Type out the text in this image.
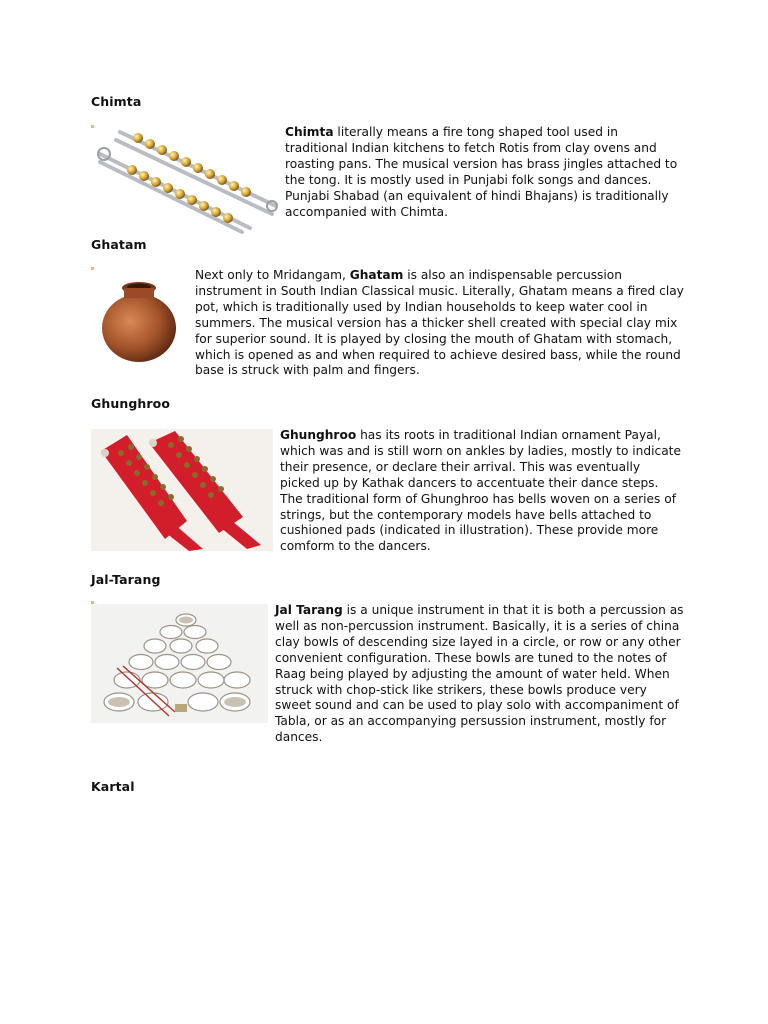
Chimta

Chimta literally means a fire tong shaped tool used in traditional Indian kitchens to fetch Rotis from clay ovens and roasting pans. The musical version has brass jingles attached to the tong. It is mostly used in Punjabi folk songs and dances. Punjabi Shabad (an equivalent of hindi Bhajans) is traditionally accompanied with Chimta.

Ghatam

Next only to Mridangam, Ghatam is also an indispensable percussion instrument in South Indian Classical music. Literally, Ghatam means a fired clay pot, which is traditionally used by Indian households to keep water cool in summers. The musical version has a thicker shell created with special clay mix for superior sound. It is played by closing the mouth of Ghatam with stomach, which is opened as and when required to achieve desired bass, while the round base is struck with palm and fingers.

Ghunghroo

Ghunghroo has its roots in traditional Indian ornament Payal, which was and is still worn on ankles by ladies, mostly to indicate their presence, or declare their arrival. This was eventually picked up by Kathak dancers to accentuate their dance steps. The traditional form of Ghunghroo has bells woven on a series of strings, but the contemporary models have bells attached to cushioned pads (indicated in illustration). These provide more comform to the dancers.

Jal-Tarang

Jal Tarang is a unique instrument in that it is both a percussion as well as non-percussion instrument. Basically, it is a series of china clay bowls of descending size layed in a circle, or row or any other convenient configuration. These bowls are tuned to the notes of Raag being played by adjusting the amount of water held. When struck with chop-stick like strikers, these bowls produce very sweet sound and can be used to play solo with accompaniment of Tabla, or as an accompanying persussion instrument, mostly for dances.

Kartal
